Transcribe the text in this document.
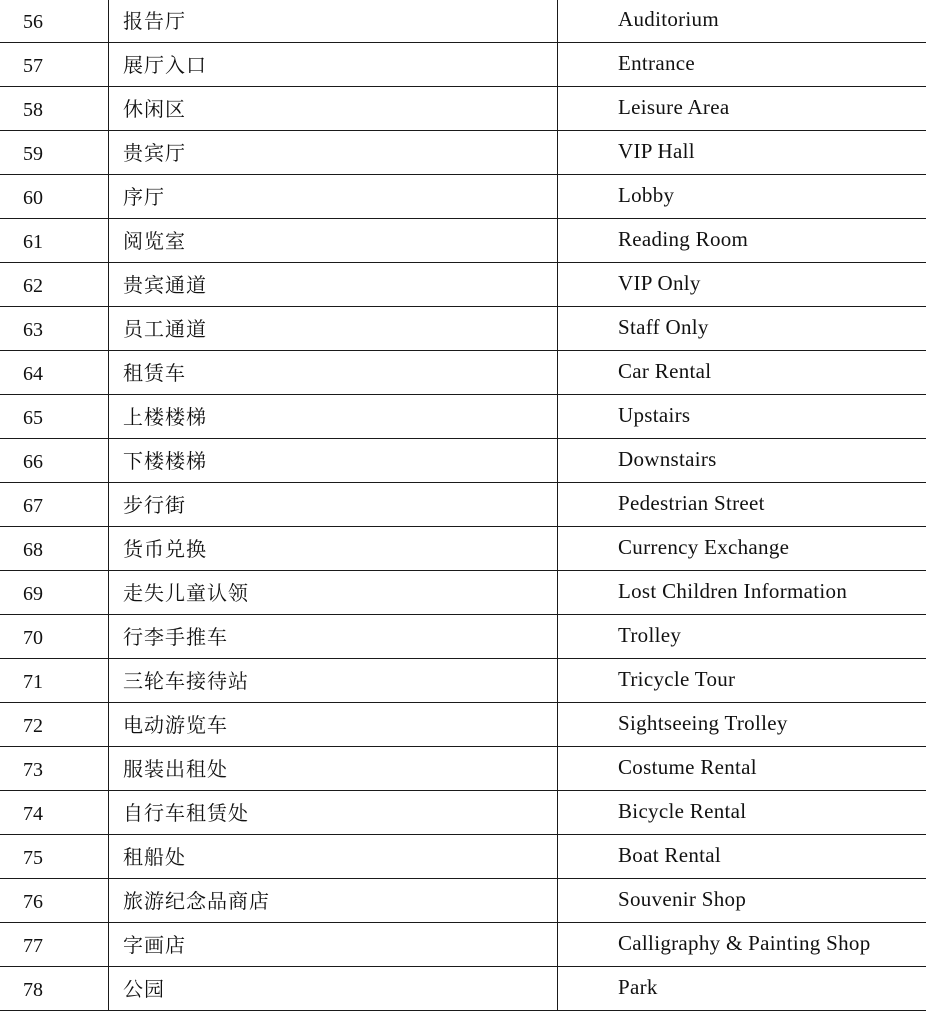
56	报告厅	Auditorium
57	展厅入口	Entrance
58	休闲区	Leisure Area
59	贵宾厅	VIP Hall
60	序厅	Lobby
61	阅览室	Reading Room
62	贵宾通道	VIP Only
63	员工通道	Staff Only
64	租赁车	Car Rental
65	上楼楼梯	Upstairs
66	下楼楼梯	Downstairs
67	步行街	Pedestrian Street
68	货币兑换	Currency Exchange
69	走失儿童认领	Lost Children Information
70	行李手推车	Trolley
71	三轮车接待站	Tricycle Tour
72	电动游览车	Sightseeing Trolley
73	服装出租处	Costume Rental
74	自行车租赁处	Bicycle Rental
75	租船处	Boat Rental
76	旅游纪念品商店	Souvenir Shop
77	字画店	Calligraphy & Painting Shop
78	公园	Park
